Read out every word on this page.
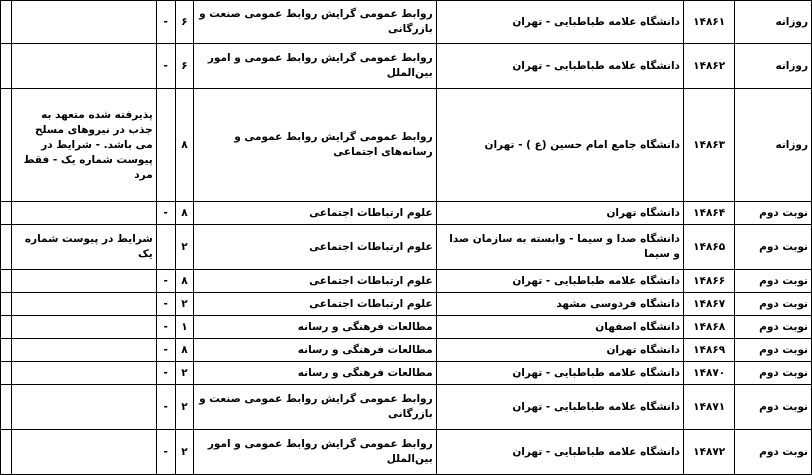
روزانه	۱۴۸۶۱	دانشگاه علامه طباطبایی - تهران	روابط عمومی گرایش روابط عمومی صنعت و بازرگانی	۶	-		
روزانه	۱۴۸۶۲	دانشگاه علامه طباطبایی - تهران	روابط عمومی گرایش روابط عمومی و امور بین‌الملل	۶	-		
روزانه	۱۴۸۶۳	دانشگاه جامع امام حسین (ع ) - تهران	روابط عمومی گرایش روابط عمومی و رسانه‌های اجتماعی	۸		پذیرفته شده متعهد به جذب در نیروهای مسلح می باشد. - شرایط در پیوست شماره یک - فقط مرد	
نوبت دوم	۱۴۸۶۴	دانشگاه تهران	علوم ارتباطات اجتماعی	۸	-		
نوبت دوم	۱۴۸۶۵	دانشگاه صدا و سیما - وابسته به سازمان صدا و سیما	علوم ارتباطات اجتماعی	۲		شرایط در پیوست شماره یک	
نوبت دوم	۱۴۸۶۶	دانشگاه علامه طباطبایی - تهران	علوم ارتباطات اجتماعی	۸	-		
نوبت دوم	۱۴۸۶۷	دانشگاه فردوسی مشهد	علوم ارتباطات اجتماعی	۲	-		
نوبت دوم	۱۴۸۶۸	دانشگاه اصفهان	مطالعات فرهنگی و رسانه	۱	-		
نوبت دوم	۱۴۸۶۹	دانشگاه تهران	مطالعات فرهنگی و رسانه	۸	-		
نوبت دوم	۱۴۸۷۰	دانشگاه علامه طباطبایی - تهران	مطالعات فرهنگی و رسانه	۲	-		
نوبت دوم	۱۴۸۷۱	دانشگاه علامه طباطبایی - تهران	روابط عمومی گرایش روابط عمومی صنعت و بازرگانی	۲	-		
نوبت دوم	۱۴۸۷۲	دانشگاه علامه طباطبایی - تهران	روابط عمومی گرایش روابط عمومی و امور بین‌الملل	۲	-		
